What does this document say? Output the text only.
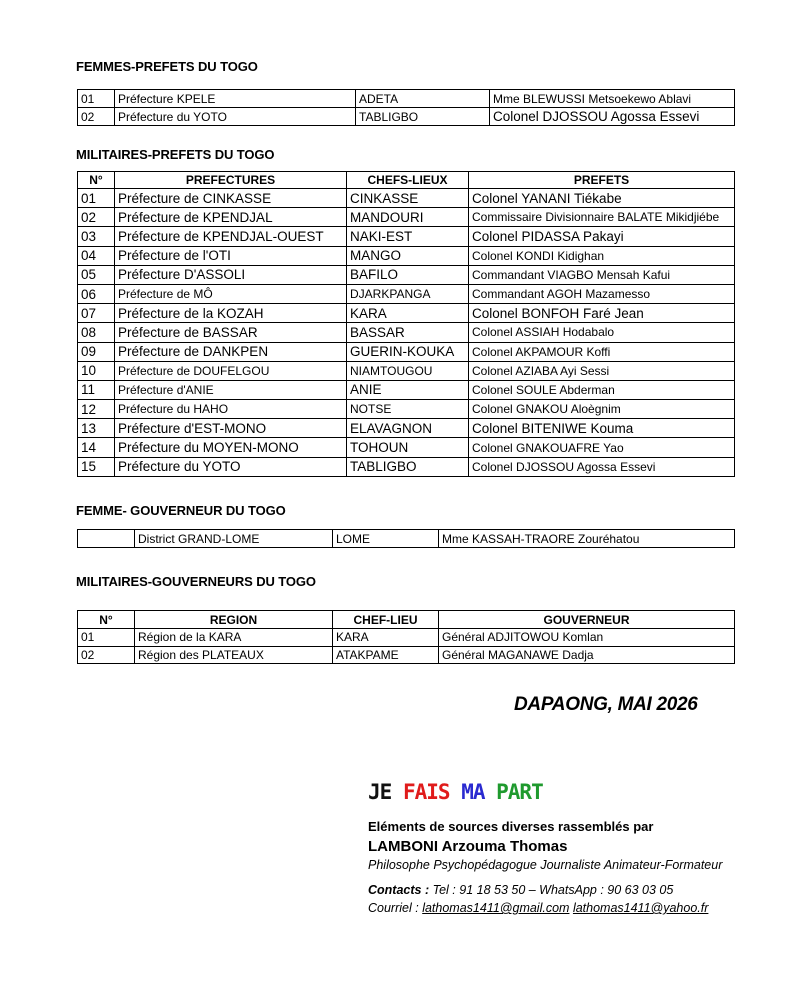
FEMMES-PREFETS DU TOGO
01	Préfecture KPELE	ADETA	Mme BLEWUSSI Metsoekewo Ablavi
02	Préfecture du YOTO	TABLIGBO	Colonel DJOSSOU Agossa Essevi
MILITAIRES-PREFETS DU TOGO
N°	PREFECTURES	CHEFS-LIEUX	PREFETS
01	Préfecture de CINKASSE	CINKASSE	Colonel YANANI Tiékabe
02	Préfecture de KPENDJAL	MANDOURI	Commissaire Divisionnaire BALATE Mikidjiébe
03	Préfecture de KPENDJAL-OUEST	NAKI-EST	Colonel PIDASSA Pakayi
04	Préfecture de l'OTI	MANGO	Colonel KONDI Kidighan
05	Préfecture D'ASSOLI	BAFILO	Commandant VIAGBO Mensah Kafui
06	Préfecture de MÔ	DJARKPANGA	Commandant AGOH Mazamesso
07	Préfecture de la KOZAH	KARA	Colonel BONFOH Faré Jean
08	Préfecture de BASSAR	BASSAR	Colonel ASSIAH Hodabalo
09	Préfecture de DANKPEN	GUERIN-KOUKA	Colonel AKPAMOUR Koffi
10	Préfecture de DOUFELGOU	NIAMTOUGOU	Colonel AZIABA Ayi Sessi
11	Préfecture d'ANIE	ANIE	Colonel SOULE Abderman
12	Préfecture du HAHO	NOTSE	Colonel GNAKOU Aloègnim
13	Préfecture d'EST-MONO	ELAVAGNON	Colonel BITENIWE Kouma
14	Préfecture du MOYEN-MONO	TOHOUN	Colonel GNAKOUAFRE Yao
15	Préfecture du YOTO	TABLIGBO	Colonel DJOSSOU Agossa Essevi
FEMME- GOUVERNEUR DU TOGO
	District GRAND-LOME	LOME	Mme KASSAH-TRAORE Zouréhatou
MILITAIRES-GOUVERNEURS DU TOGO
N°	REGION	CHEF-LIEU	GOUVERNEUR
01	Région de la KARA	KARA	Général ADJITOWOU Komlan
02	Région des PLATEAUX	ATAKPAME	Général MAGANAWE Dadja
DAPAONG, MAI 2026
JE FAIS MA PART
Eléments de sources diverses rassemblés par
LAMBONI Arzouma Thomas
Philosophe Psychopédagogue Journaliste Animateur-Formateur
Contacts : Tel : 91 18 53 50 – WhatsApp : 90 63 03 05
Courriel : lathomas1411@gmail.com lathomas1411@yahoo.fr
